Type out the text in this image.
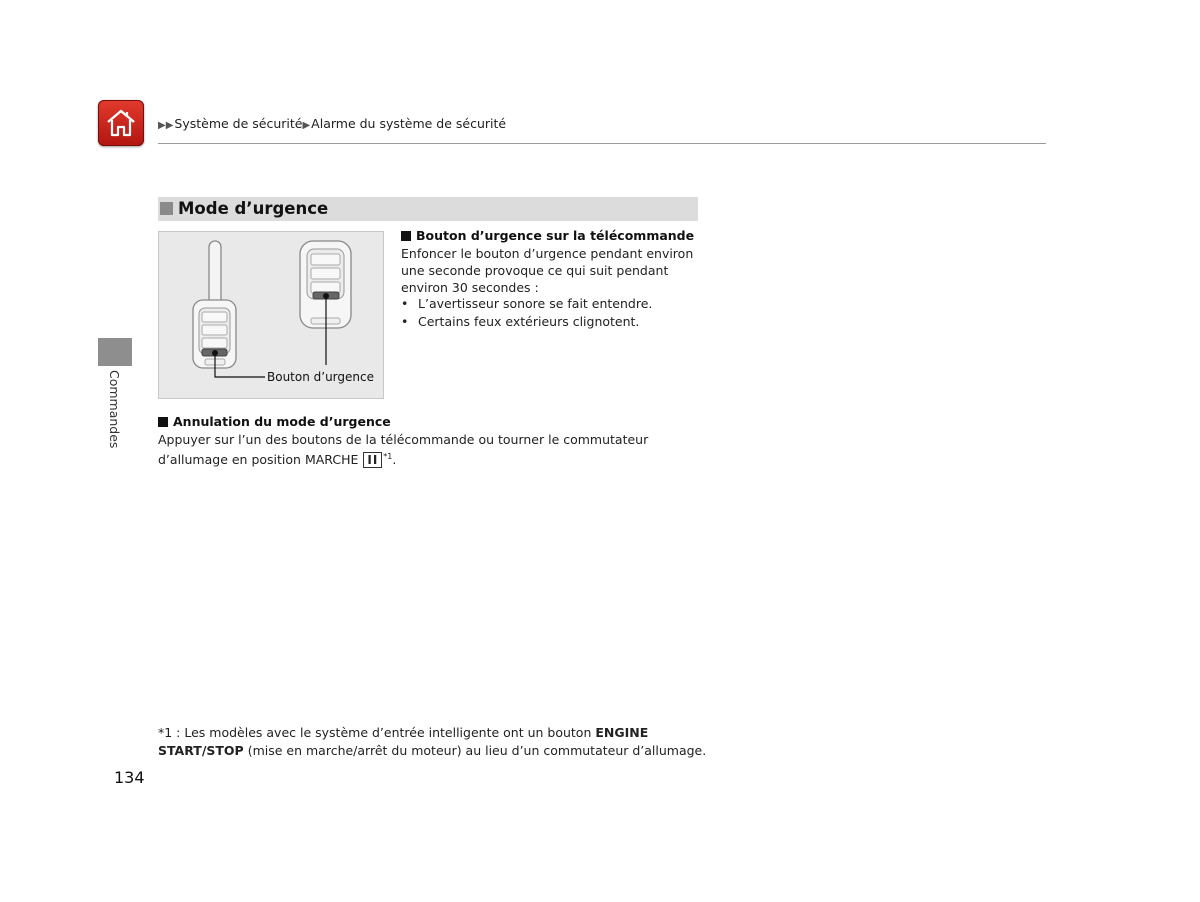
▶▶Système de sécurité▶Alarme du système de sécurité
Commandes
Mode d’urgence
Bouton d’urgence
Bouton d’urgence sur la télécommande
Enfoncer le bouton d’urgence pendant environ une seconde provoque ce qui suit pendant environ 30 secondes :
• L’avertisseur sonore se fait entendre.
• Certains feux extérieurs clignotent.
Annulation du mode d’urgence
Appuyer sur l’un des boutons de la télécommande ou tourner le commutateur d’allumage en position MARCHE II $^{*1}$.
*1 : Les modèles avec le système d’entrée intelligente ont un bouton ENGINE START/STOP (mise en marche/arrêt du moteur) au lieu d’un commutateur d’allumage.
134
